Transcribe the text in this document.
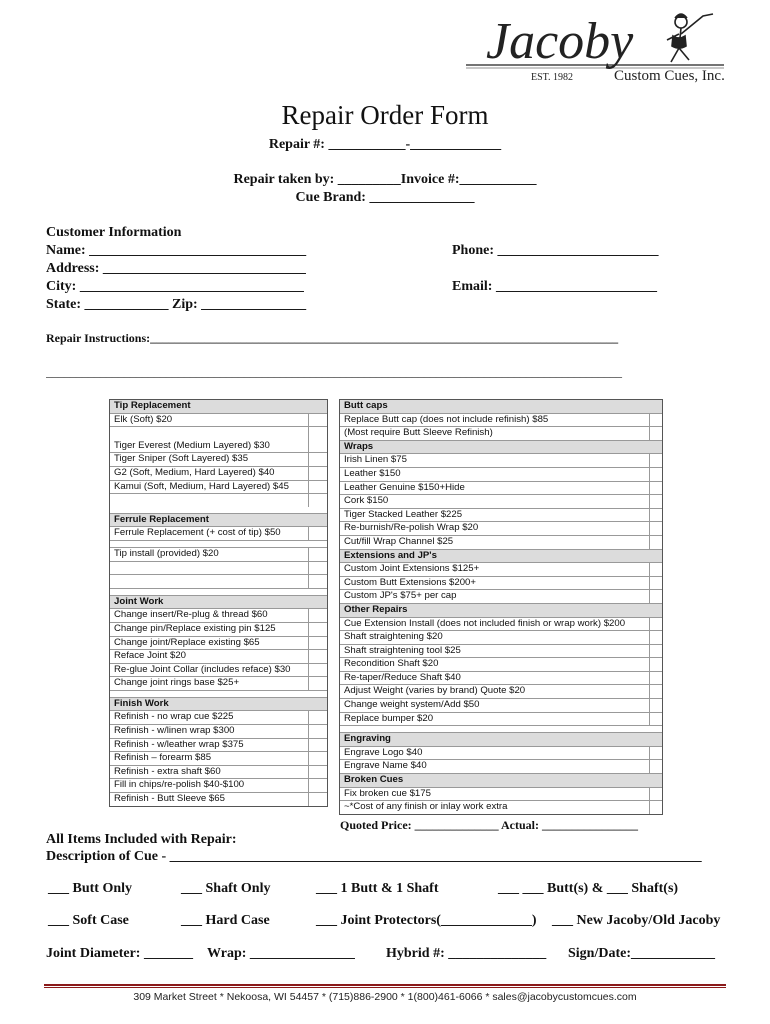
Jacoby
EST. 1982	Custom Cues, Inc.
Repair Order Form
Repair #: ___________-_____________
Repair taken by: _________Invoice #:___________
Cue Brand: _______________
Customer Information
Name: _______________________________
Address: _____________________________
City: ________________________________
State: ____________ Zip: _______________
Phone: _______________________
Email: _______________________
Repair Instructions:______________________________________________________________________________
________________________________________________________________________________________________
Tip Replacement
Elk (Soft) $20
Tiger Everest (Medium Layered) $30
Tiger Sniper (Soft Layered) $35
G2 (Soft, Medium, Hard Layered) $40
Kamui (Soft, Medium, Hard Layered) $45
Ferrule Replacement
Ferrule Replacement (+ cost of tip) $50
Tip install (provided) $20
Joint Work
Change insert/Re-plug & thread $60
Change pin/Replace existing pin $125
Change joint/Replace existing $65
Reface Joint $20
Re-glue Joint Collar (includes reface) $30
Change joint rings base $25+
Finish Work
Refinish - no wrap cue $225
Refinish - w/linen wrap $300
Refinish - w/leather wrap $375
Refinish – forearm $85
Refinish - extra shaft $60
Fill in chips/re-polish $40-$100
Refinish - Butt Sleeve $65
Butt caps
Replace Butt cap (does not include refinish) $85
(Most require Butt Sleeve Refinish)
Wraps
Irish Linen $75
Leather $150
Leather Genuine $150+Hide
Cork $150
Tiger Stacked Leather $225
Re-burnish/Re-polish Wrap $20
Cut/fill Wrap Channel $25
Extensions and JP's
Custom Joint Extensions $125+
Custom Butt Extensions $200+
Custom JP's $75+ per cap
Other Repairs
Cue Extension Install (does not included finish or wrap work) $200
Shaft straightening $20
Shaft straightening tool $25
Recondition Shaft $20
Re-taper/Reduce Shaft $40
Adjust Weight (varies by brand) Quote $20
Change weight system/Add $50
Replace bumper $20
Engraving
Engrave Logo $40
Engrave Name $40
Broken Cues
Fix broken cue $175
~*Cost of any finish or inlay work extra
Quoted Price: ______________ Actual: ________________
All Items Included with Repair:
Description of Cue - ____________________________________________________________________________
___ Butt Only	___ Shaft Only	___ 1 Butt & 1 Shaft	___ ___ Butt(s) & ___ Shaft(s)
___ Soft Case	___ Hard Case	___ Joint Protectors(_____________) ___ New Jacoby/Old Jacoby
Joint Diameter: _______ Wrap: _______________ Hybrid #: ______________ Sign/Date:____________
309 Market Street * Nekoosa, WI 54457 * (715)886-2900 * 1(800)461-6066 * sales@jacobycustomcues.com
